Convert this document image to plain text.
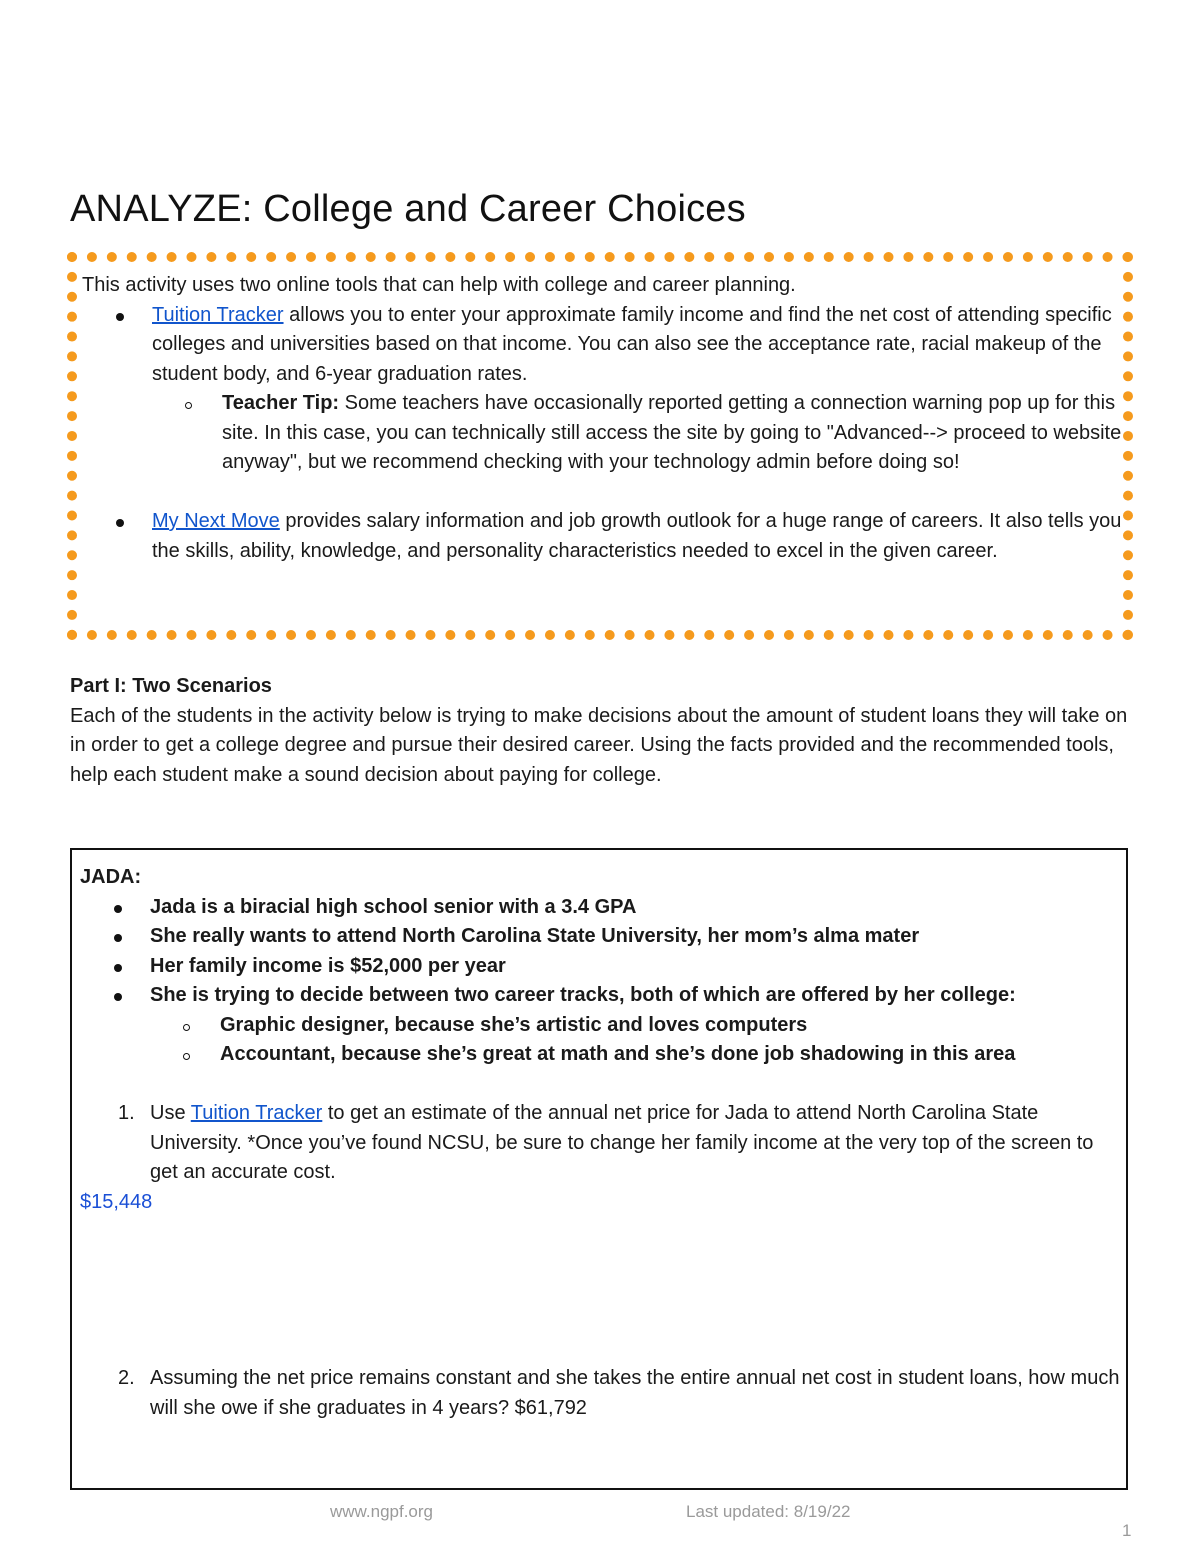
ANALYZE: College and Career Choices
This activity uses two online tools that can help with college and career planning.
Tuition Tracker allows you to enter your approximate family income and find the net cost of attending specific colleges and universities based on that income. You can also see the acceptance rate, racial makeup of the student body, and 6-year graduation rates.
Teacher Tip: Some teachers have occasionally reported getting a connection warning pop up for this site. In this case, you can technically still access the site by going to "Advanced--> proceed to website anyway", but we recommend checking with your technology admin before doing so!
My Next Move provides salary information and job growth outlook for a huge range of careers. It also tells you the skills, ability, knowledge, and personality characteristics needed to excel in the given career.
Part I: Two Scenarios
Each of the students in the activity below is trying to make decisions about the amount of student loans they will take on in order to get a college degree and pursue their desired career. Using the facts provided and the recommended tools, help each student make a sound decision about paying for college.
JADA:
Jada is a biracial high school senior with a 3.4 GPA
She really wants to attend North Carolina State University, her mom’s alma mater
Her family income is $52,000 per year
She is trying to decide between two career tracks, both of which are offered by her college:
Graphic designer, because she’s artistic and loves computers
Accountant, because she’s great at math and she’s done job shadowing in this area
1. Use Tuition Tracker to get an estimate of the annual net price for Jada to attend North Carolina State University. *Once you’ve found NCSU, be sure to change her family income at the very top of the screen to get an accurate cost.
$15,448
2. Assuming the net price remains constant and she takes the entire annual net cost in student loans, how much will she owe if she graduates in 4 years? $61,792
www.ngpf.org	Last updated: 8/19/22
1
